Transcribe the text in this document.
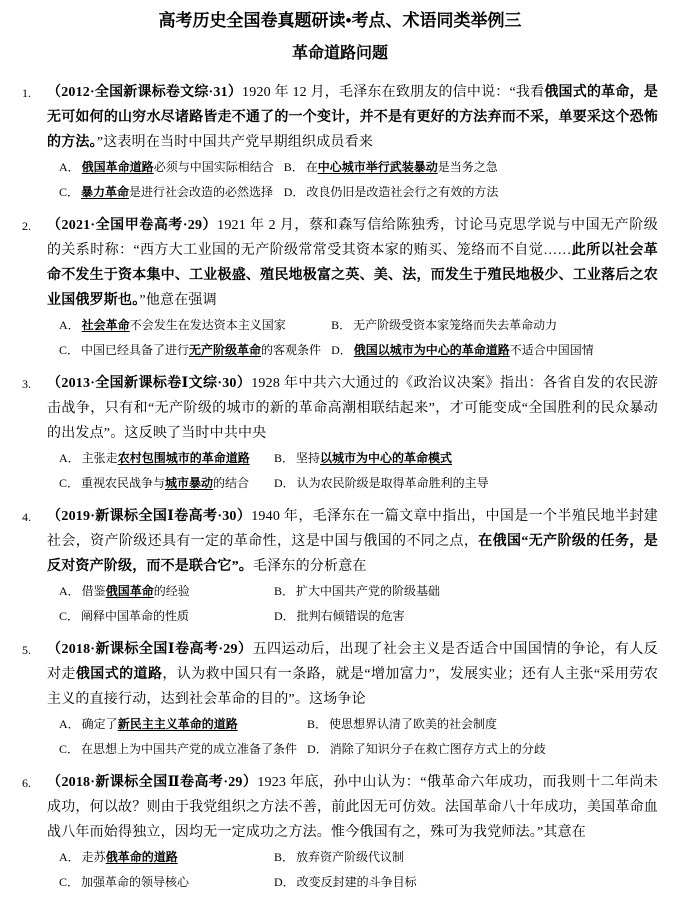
高考历史全国卷真题研读•考点、术语同类举例三
革命道路问题
1.	（2012·全国新课标卷文综·31）1920 年 12 月，毛泽东在致朋友的信中说：“我看俄国式的革命，是无可如何的山穷水尽诸路皆走不通了的一个变计，并不是有更好的方法弃而不采，单要采这个恐怖的方法。”这表明在当时中国共产党早期组织成员看来

A． 俄国革命道路必须与中国实际相结合 B． 在中心城市举行武装暴动是当务之急
C． 暴力革命是进行社会改造的必然选择 D． 改良仍旧是改造社会行之有效的方法
2.	（2021·全国甲卷高考·29）1921 年 2 月，蔡和森写信给陈独秀，讨论马克思学说与中国无产阶级的关系时称：“西方大工业国的无产阶级常常受其资本家的贿买、笼络而不自觉……此所以社会革命不发生于资本集中、工业极盛、殖民地极富之英、美、法，而发生于殖民地极少、工业落后之农业国俄罗斯也。”他意在强调

A． 社会革命不会发生在发达资本主义国家	B． 无产阶级受资本家笼络而失去革命动力
C． 中国已经具备了进行无产阶级革命的客观条件 D． 俄国以城市为中心的革命道路不适合中国国情
3.	（2013·全国新课标卷Ⅰ文综·30）1928 年中共六大通过的《政治议决案》指出：各省自发的农民游击战争，只有和“无产阶级的城市的新的革命高潮相联结起来”，才可能变成“全国胜利的民众暴动的出发点”。这反映了当时中共中央

A． 主张走农村包围城市的革命道路	B． 坚持以城市为中心的革命模式
C． 重视农民战争与城市暴动的结合	D． 认为农民阶级是取得革命胜利的主导
4.	（2019·新课标全国Ⅰ卷高考·30）1940 年，毛泽东在一篇文章中指出，中国是一个半殖民地半封建社会，资产阶级还具有一定的革命性，这是中国与俄国的不同之点，在俄国“无产阶级的任务，是反对资产阶级，而不是联合它”。毛泽东的分析意在

A． 借鉴俄国革命的经验	B． 扩大中国共产党的阶级基础
C． 阐释中国革命的性质	D． 批判右倾错误的危害
5.	（2018·新课标全国Ⅰ卷高考·29）五四运动后，出现了社会主义是否适合中国国情的争论，有人反对走俄国式的道路，认为救中国只有一条路，就是“增加富力”，发展实业；还有人主张“采用劳农主义的直接行动，达到社会革命的目的”。这场争论

A． 确定了新民主主义革命的道路	B． 使思想界认清了欧美的社会制度
C． 在思想上为中国共产党的成立准备了条件 D． 消除了知识分子在救亡图存方式上的分歧
6.	（2018·新课标全国Ⅱ卷高考·29）1923 年底，孙中山认为：“俄革命六年成功，而我则十二年尚未成功，何以故？则由于我党组织之方法不善，前此因无可仿效。法国革命八十年成功，美国革命血战八年而始得独立，因均无一定成功之方法。惟今俄国有之，殊可为我党师法。”其意在

A． 走苏俄革命的道路	B． 放弃资产阶级代议制
C． 加强革命的领导核心	D． 改变反封建的斗争目标
